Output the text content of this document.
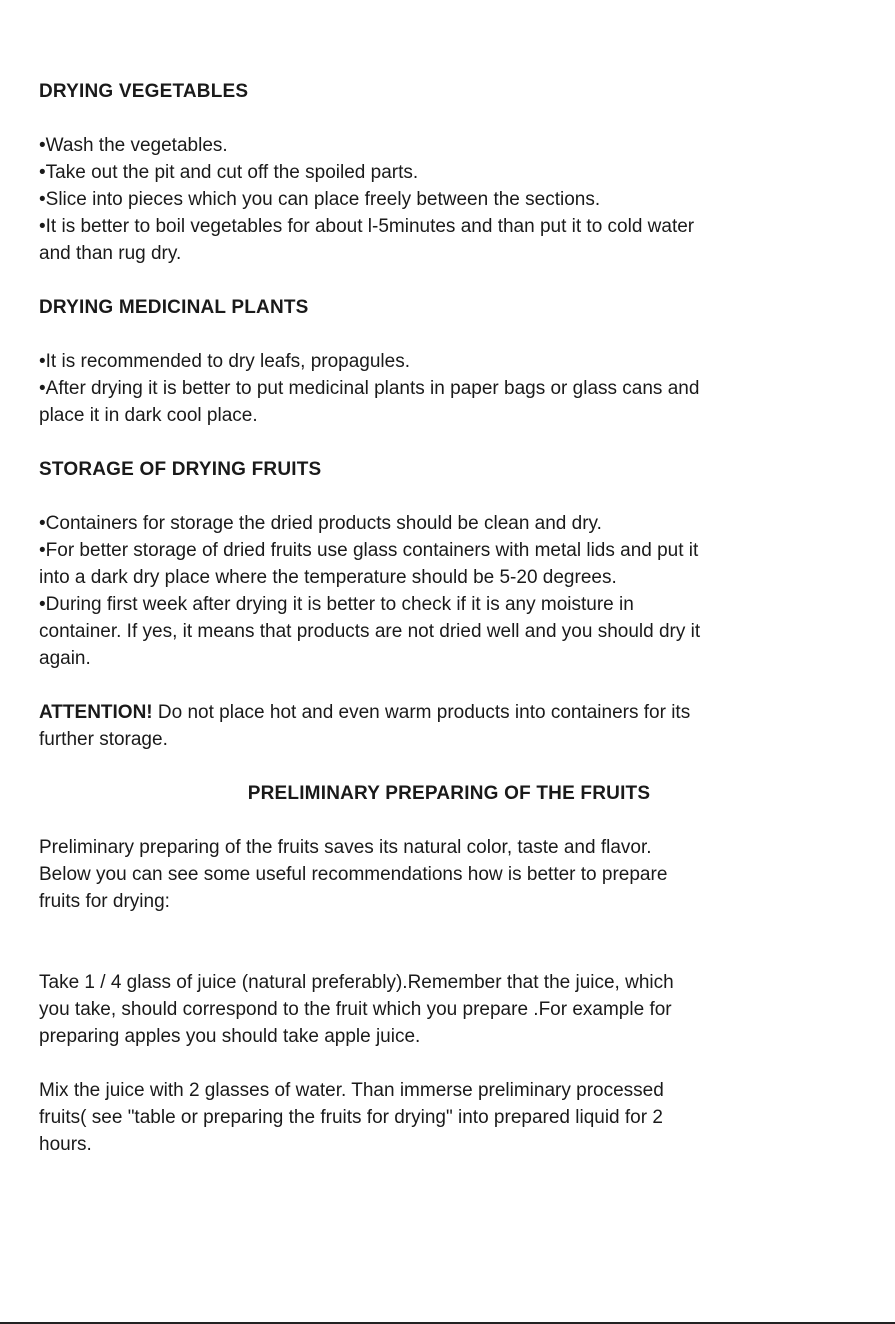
DRYING VEGETABLES

•Wash the vegetables.

•Take out the pit and cut off the spoiled parts.

•Slice into pieces which you can place freely between the sections.

•It is better to boil vegetables for about l-5minutes and than put it to cold water

and than rug dry.

DRYING MEDICINAL PLANTS

•It is recommended to dry leafs, propagules.

•After drying it is better to put medicinal plants in paper bags or glass cans and

place it in dark cool place.

STORAGE OF DRYING FRUITS

•Containers for storage the dried products should be clean and dry.

•For better storage of dried fruits use glass containers with metal lids and put it

into a dark dry place where the temperature should be 5-20 degrees.

•During first week after drying it is better to check if it is any moisture in

container. If yes, it means that products are not dried well and you should dry it

again.

ATTENTION! Do not place hot and even warm products into containers for its

further storage.

PRELIMINARY PREPARING OF THE FRUITS

Preliminary preparing of the fruits saves its natural color, taste and flavor.

Below you can see some useful recommendations how is better to prepare

fruits for drying:

Take 1 / 4 glass of juice (natural preferably).Remember that the juice, which

you take, should correspond to the fruit which you prepare .For example for

preparing apples you should take apple juice.

Mix the juice with 2 glasses of water. Than immerse preliminary processed

fruits( see "table or preparing the fruits for drying" into prepared liquid for 2

hours.
